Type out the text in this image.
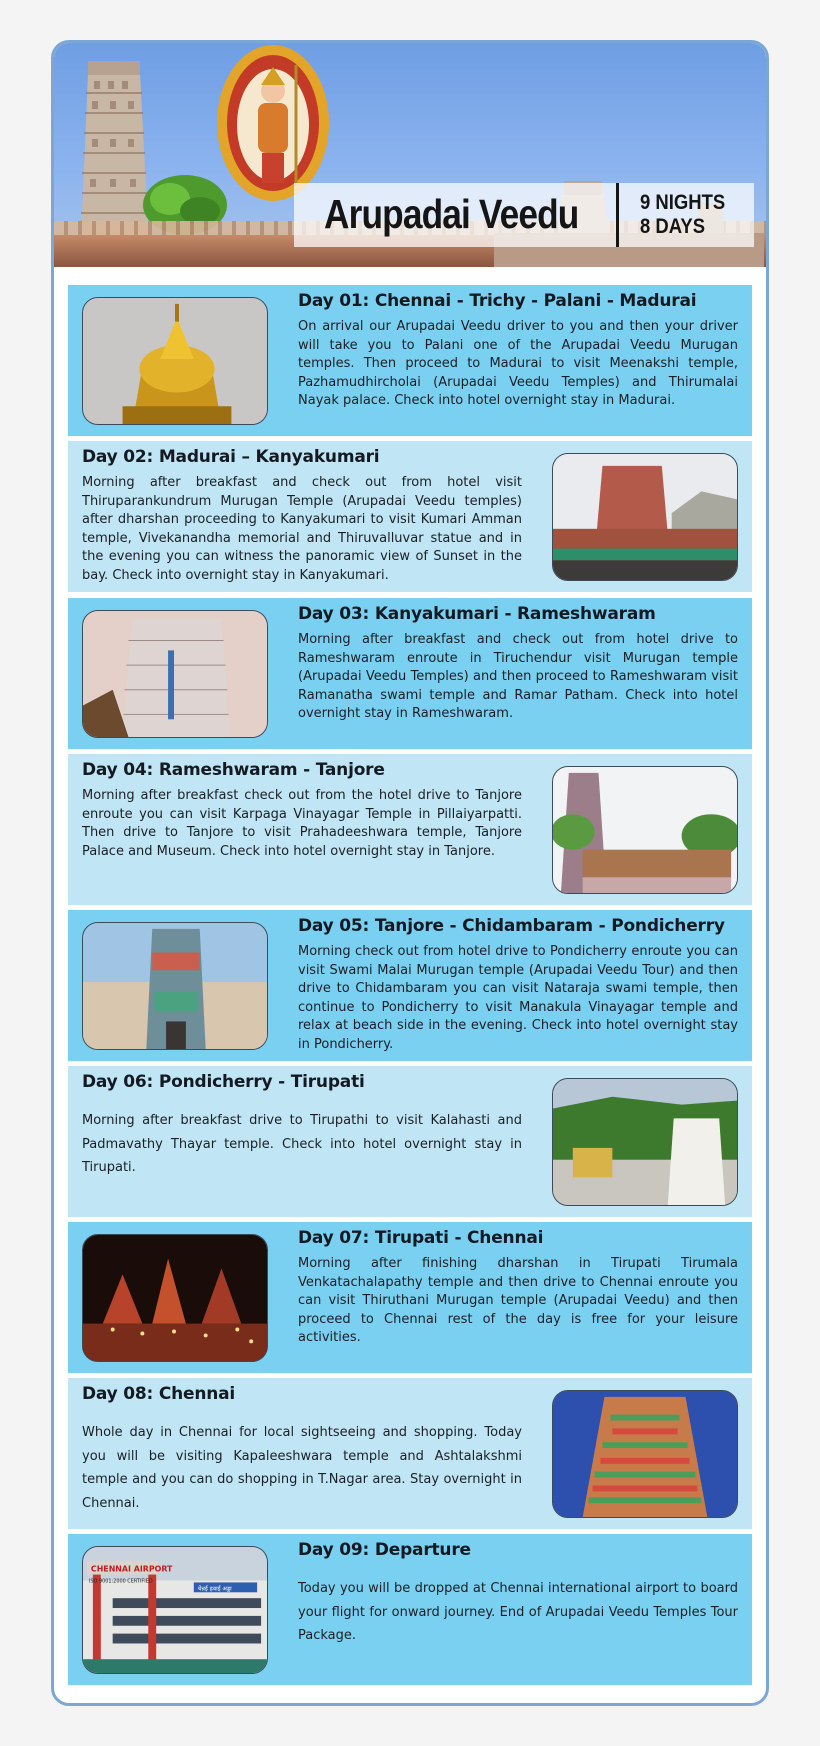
Arupadai Veedu	9 NIGHTS
8 DAYS
Day 01: Chennai - Trichy - Palani - Madurai
On arrival our Arupadai Veedu driver to you and then your driver will take you to Palani one of the Arupadai Veedu Murugan temples. Then proceed to Madurai to visit Meenakshi temple, Pazhamudhircholai (Arupadai Veedu Temples) and Thirumalai Nayak palace. Check into hotel overnight stay in Madurai.
Day 02: Madurai – Kanyakumari
Morning after breakfast and check out from hotel visit Thiruparankundrum Murugan Temple (Arupadai Veedu temples) after dharshan proceeding to Kanyakumari to visit Kumari Amman temple, Vivekanandha memorial and Thiruvalluvar statue and in the evening you can witness the panoramic view of Sunset in the bay. Check into overnight stay in Kanyakumari.
Day 03: Kanyakumari - Rameshwaram
Morning after breakfast and check out from hotel drive to Rameshwaram enroute in Tiruchendur visit Murugan temple (Arupadai Veedu Temples) and then proceed to Rameshwaram visit Ramanatha swami temple and Ramar Patham. Check into hotel overnight stay in Rameshwaram.
Day 04: Rameshwaram - Tanjore
Morning after breakfast check out from the hotel drive to Tanjore enroute you can visit Karpaga Vinayagar Temple in Pillaiyarpatti. Then drive to Tanjore to visit Prahadeeshwara temple, Tanjore Palace and Museum. Check into hotel overnight stay in Tanjore.
Day 05: Tanjore - Chidambaram - Pondicherry
Morning check out from hotel drive to Pondicherry enroute you can visit Swami Malai Murugan temple (Arupadai Veedu Tour) and then drive to Chidambaram you can visit Nataraja swami temple, then continue to Pondicherry to visit Manakula Vinayagar temple and relax at beach side in the evening. Check into hotel overnight stay in Pondicherry.
Day 06: Pondicherry - Tirupati
Morning after breakfast drive to Tirupathi to visit Kalahasti and Padmavathy Thayar temple. Check into hotel overnight stay in Tirupati.
Day 07: Tirupati - Chennai
Morning after finishing dharshan in Tirupati Tirumala Venkatachalapathy temple and then drive to Chennai enroute you can visit Thiruthani Murugan temple (Arupadai Veedu) and then proceed to Chennai rest of the day is free for your leisure activities.
Day 08: Chennai
Whole day in Chennai for local sightseeing and shopping. Today you will be visiting Kapaleeshwara temple and Ashtalakshmi temple and you can do shopping in T.Nagar area. Stay overnight in Chennai.
CHENNAI AIRPORT
ISO 9001:2000 CERTIFIED
चेन्नई हवाई अड्डा
Day 09: Departure
Today you will be dropped at Chennai international airport to board your flight for onward journey. End of Arupadai Veedu Temples Tour Package.
